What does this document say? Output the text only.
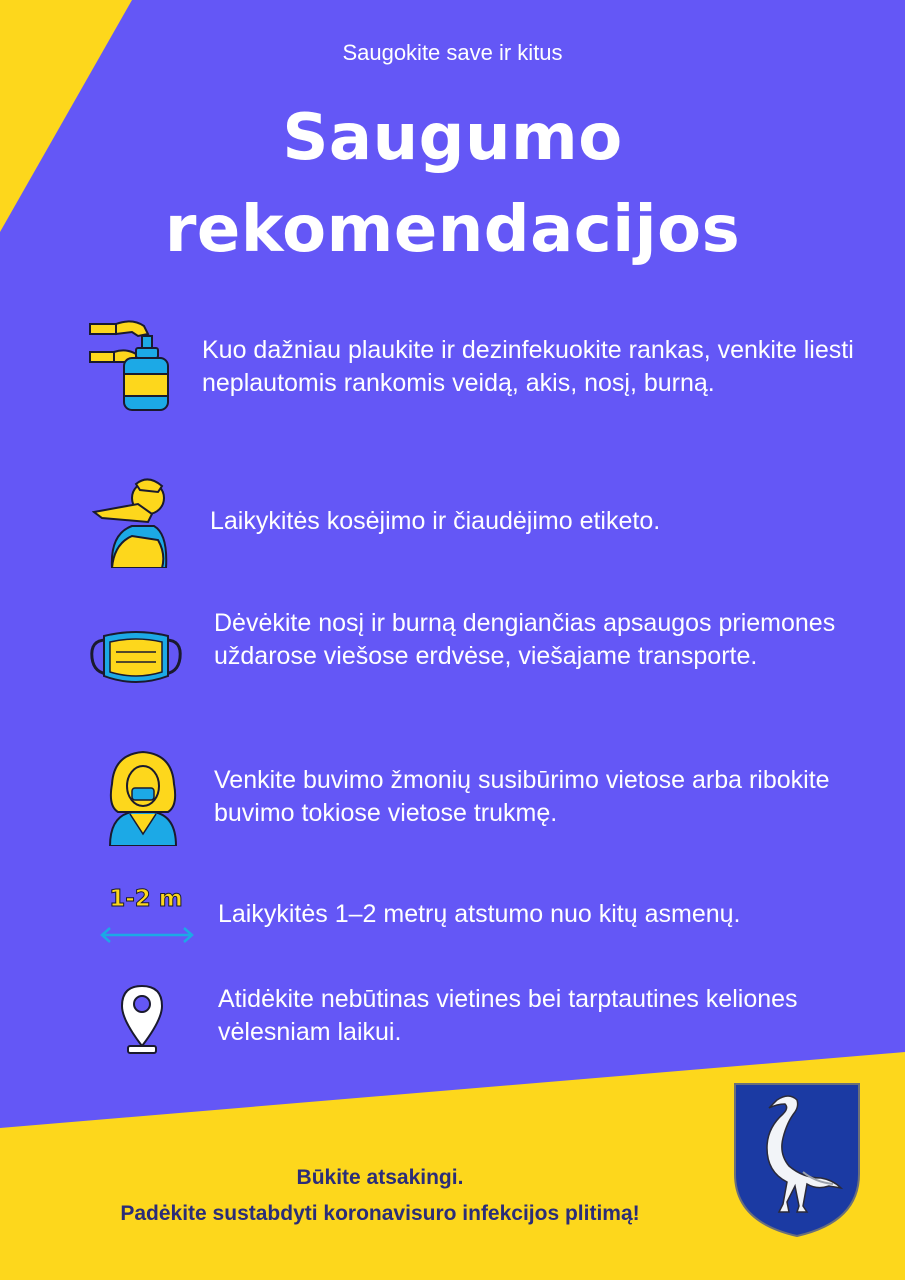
Saugokite save ir kitus
Saugumo
rekomendacijos
Kuo dažniau plaukite ir dezinfekuokite rankas, venkite liesti neplautomis rankomis veidą, akis, nosį, burną.
Laikykitės kosėjimo ir čiaudėjimo etiketo.
Dėvėkite nosį ir burną dengiančias apsaugos priemones uždarose viešose erdvėse, viešajame transporte.
Venkite buvimo žmonių susibūrimo vietose arba ribokite buvimo tokiose vietose trukmę.
1-2 m
Laikykitės 1–2 metrų atstumo nuo kitų asmenų.
Atidėkite nebūtinas vietines bei tarptautines keliones vėlesniam laikui.
Būkite atsakingi.
Padėkite sustabdyti koronavisuro infekcijos plitimą!
